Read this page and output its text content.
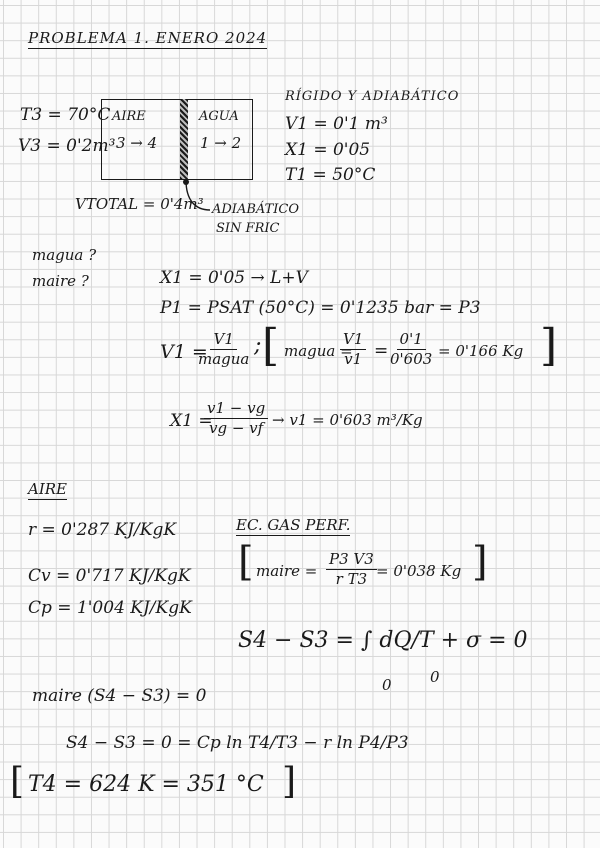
PROBLEMA 1. ENERO 2024
T3 = 70°C
V3 = 0'2m³
AIRE
3 → 4
AGUA
1 → 2
VTOTAL = 0'4m³ ADIABÁTICO
SIN FRIC
RÍGIDO Y ADIABÁTICO
V1 = 0'1 m³
X1 = 0'05
T1 = 50°C
magua ?
maire ?	X1 = 0'05 → L+V
P1 = PSAT (50°C) = 0'1235 bar = P3
V1 =
V1
magua
; [ magua =
$\frac{V1}{v1} = \frac{0'1}{0'603} = 0'166$ Kg ]
X1 =
$\frac{v1 - vg}{vg - vf} \to v1 = 0'603$ m³/Kg
AIRE
r = 0'287 KJ/KgK
Cv = 0'717 KJ/KgK
Cp = 1'004 KJ/KgK
EC. GAS PERF.
[ maire = $\frac{P3 V3}{\text{r T3}} = 0'038$ Kg ]
S4 − S3 = ∫ dQ/T + σ = 0
0	0
maire (S4 − S3) = 0
S4 − S3 = 0 = Cp ln T4/T3 − r ln P4/P3
[ T4 = 624 K = 351 °C ]
